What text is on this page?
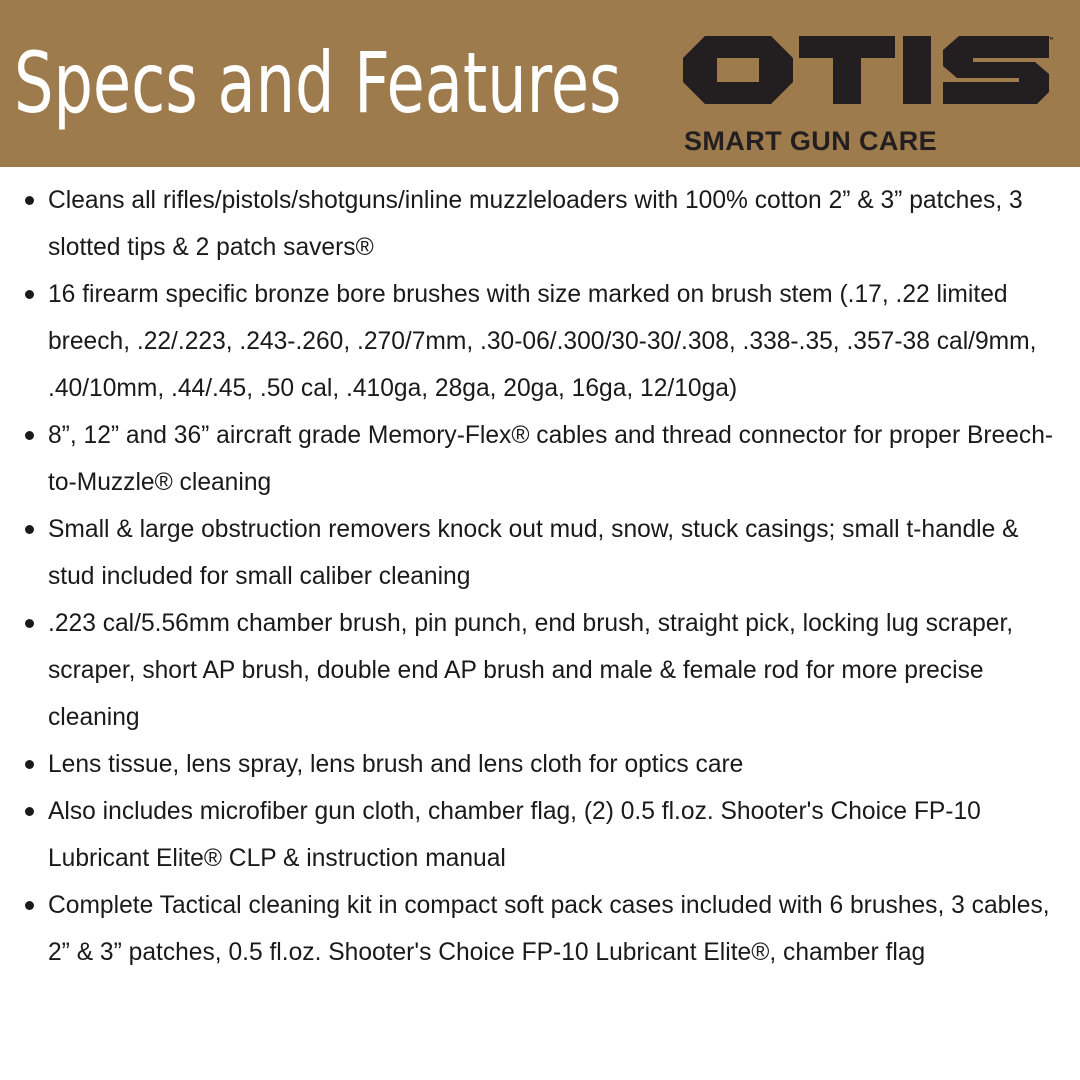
Specs and Features	™
SMART GUN CARE
Cleans all rifles/pistols/shotguns/inline muzzleloaders with 100% cotton 2” & 3” patches, 3 slotted tips & 2 patch savers®
16 firearm specific bronze bore brushes with size marked on brush stem (.17, .22 limited breech, .22/.223, .243-.260, .270/7mm, .30-06/.300/30-30/.308, .338-.35, .357-38 cal/9mm, .40/10mm, .44/.45, .50 cal, .410ga, 28ga, 20ga, 16ga, 12/10ga)
8”, 12” and 36” aircraft grade Memory-Flex® cables and thread connector for proper Breech-to-Muzzle® cleaning
Small & large obstruction removers knock out mud, snow, stuck casings; small t-handle & stud included for small caliber cleaning
.223 cal/5.56mm chamber brush, pin punch, end brush, straight pick, locking lug scraper, scraper, short AP brush, double end AP brush and male & female rod for more precise cleaning
Lens tissue, lens spray, lens brush and lens cloth for optics care
Also includes microfiber gun cloth, chamber flag, (2) 0.5 fl.oz. Shooter's Choice FP-10 Lubricant Elite® CLP & instruction manual
Complete Tactical cleaning kit in compact soft pack cases included with 6 brushes, 3 cables, 2” & 3” patches, 0.5 fl.oz. Shooter's Choice FP-10 Lubricant Elite®, chamber flag
